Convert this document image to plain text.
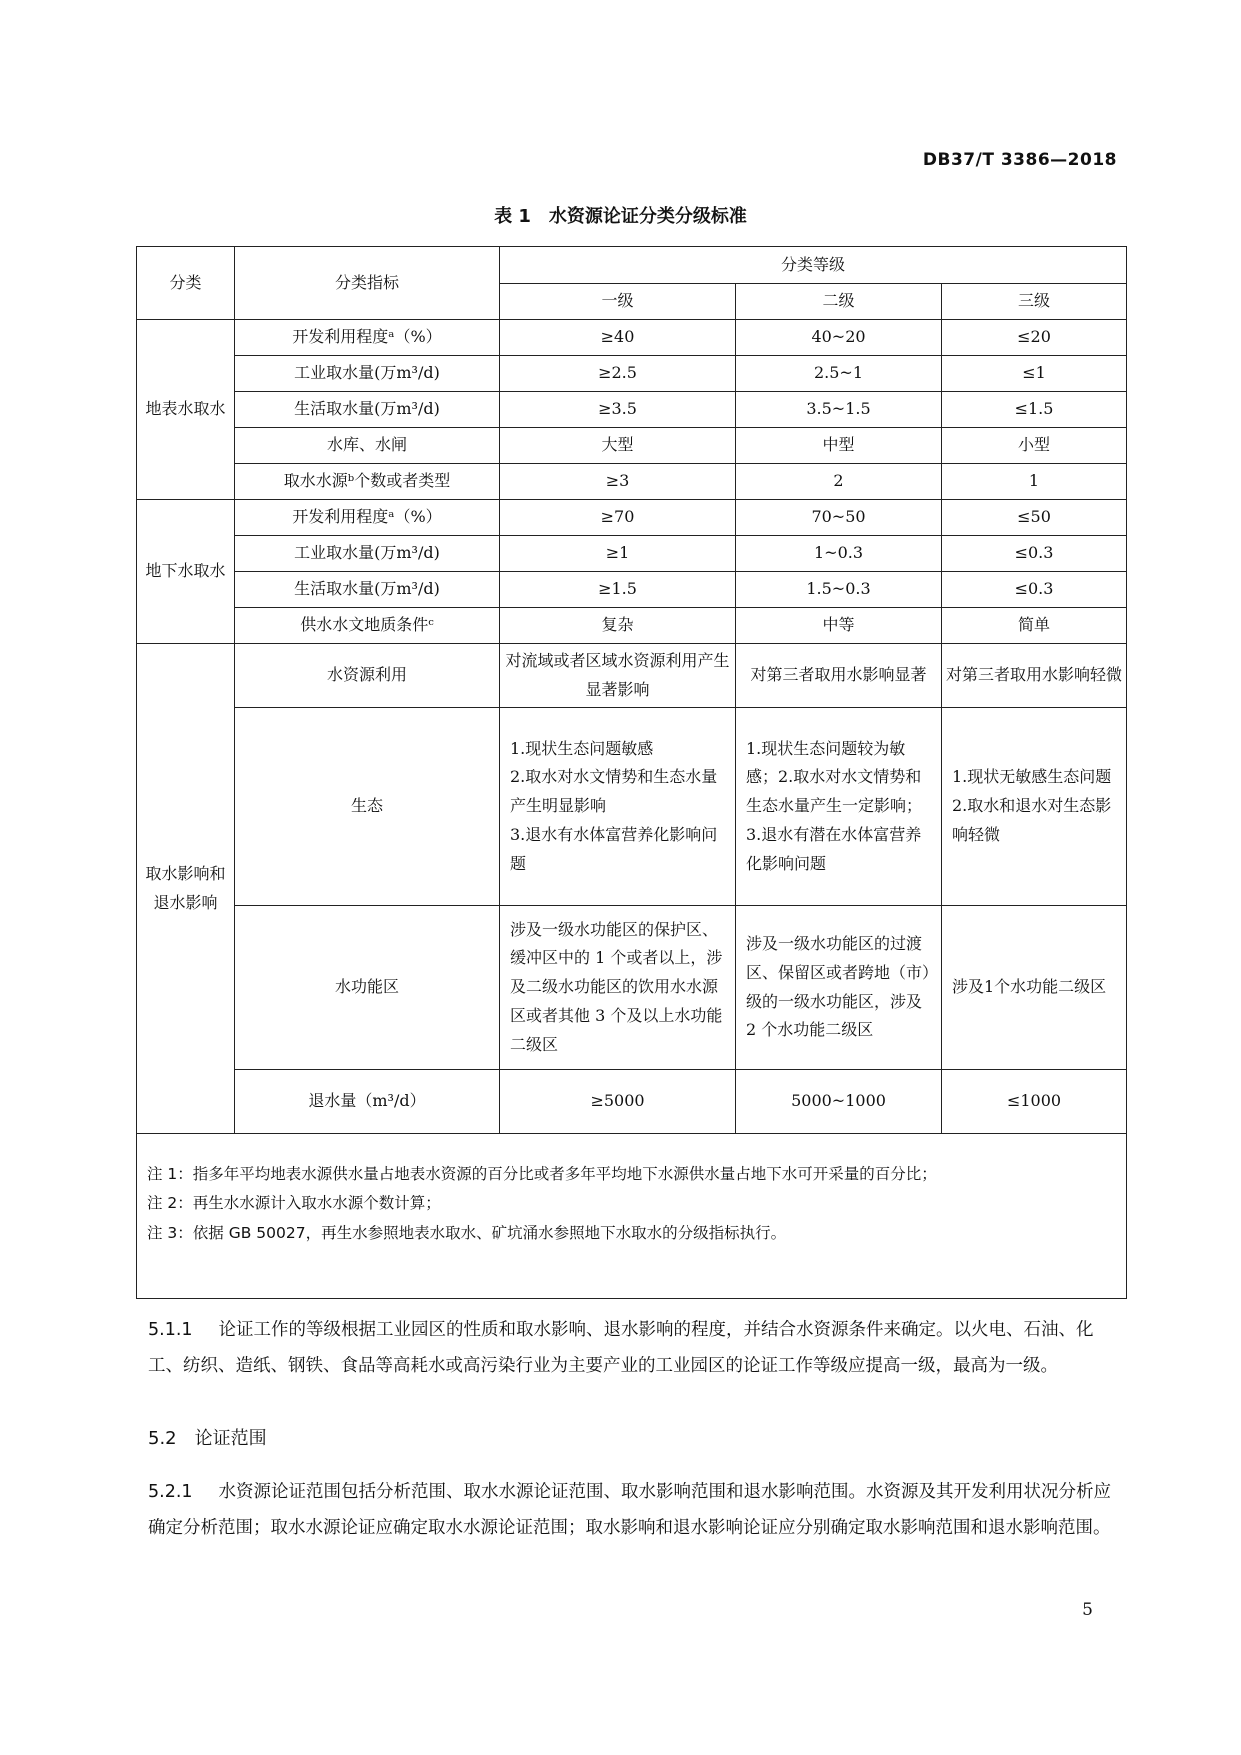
DB37/T 3386—2018
表 1　水资源论证分类分级标准
分类	分类指标	分类等级		
		一级	二级	三级
地表水取水	开发利用程度ᵃ（%）	≥40	40~20	≤20
	工业取水量(万m³/d)	≥2.5	2.5~1	≤1
	生活取水量(万m³/d)	≥3.5	3.5~1.5	≤1.5
	水库、水闸	大型	中型	小型
	取水水源ᵇ个数或者类型	≥3	2	1
地下水取水	开发利用程度ᵃ（%）	≥70	70~50	≤50
	工业取水量(万m³/d)	≥1	1~0.3	≤0.3
	生活取水量(万m³/d)	≥1.5	1.5~0.3	≤0.3
	供水水文地质条件ᶜ	复杂	中等	简单
取水影响和退水影响	水资源利用	对流域或者区域水资源利用产生显著影响	对第三者取用水影响显著	对第三者取用水影响轻微
	生态	1.现状生态问题敏感
2.取水对水文情势和生态水量产生明显影响
3.退水有水体富营养化影响问题	1.现状生态问题较为敏感；2.取水对水文情势和生态水量产生一定影响；3.退水有潜在水体富营养化影响问题	1.现状无敏感生态问题
2.取水和退水对生态影响轻微
	水功能区	涉及一级水功能区的保护区、缓冲区中的 1 个或者以上，涉及二级水功能区的饮用水水源区或者其他 3 个及以上水功能二级区	涉及一级水功能区的过渡区、保留区或者跨地（市）级的一级水功能区，涉及 2 个水功能二级区	涉及1个水功能二级区
	退水量（m³/d）	≥5000	5000~1000	≤1000

注 1：指多年平均地表水源供水量占地表水资源的百分比或者多年平均地下水源供水量占地下水可开采量的百分比；
注 2：再生水水源计入取水水源个数计算；
注 3：依据 GB 50027，再生水参照地表水取水、矿坑涌水参照地下水取水的分级指标执行。				
5.1.1 论证工作的等级根据工业园区的性质和取水影响、退水影响的程度，并结合水资源条件来确定。以火电、石油、化工、纺织、造纸、钢铁、食品等高耗水或高污染行业为主要产业的工业园区的论证工作等级应提高一级，最高为一级。
5.2 论证范围
5.2.1 水资源论证范围包括分析范围、取水水源论证范围、取水影响范围和退水影响范围。水资源及其开发利用状况分析应确定分析范围；取水水源论证应确定取水水源论证范围；取水影响和退水影响论证应分别确定取水影响范围和退水影响范围。
5
